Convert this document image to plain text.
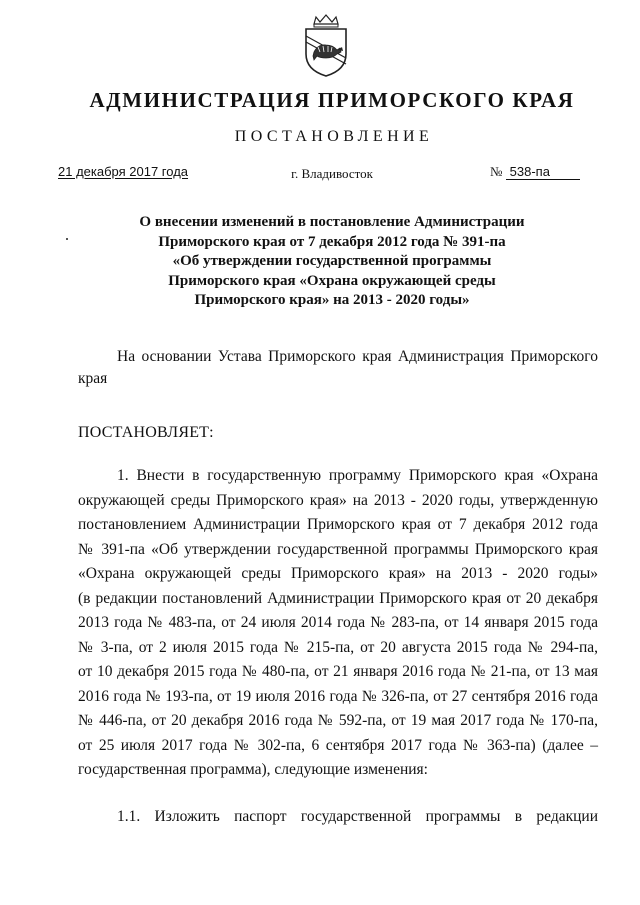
АДМИНИСТРАЦИЯ ПРИМОРСКОГО КРАЯ
ПОСТАНОВЛЕНИЕ
21 декабря 2017 года	г. Владивосток	№ 538-па
О внесении изменений в постановление Администрации
Приморского края от 7 декабря 2012 года № 391-па
«Об утверждении государственной программы
Приморского края «Охрана окружающей среды
Приморского края» на 2013 - 2020 годы»
На основании Устава Приморского края Администрация Приморского
края
ПОСТАНОВЛЯЕТ:
1. Внести в государственную программу Приморского края «Охрана
окружающей среды Приморского края» на 2013 - 2020 годы, утвержденную
постановлением Администрации Приморского края от 7 декабря 2012 года
№ 391-па «Об утверждении государственной программы Приморского края
«Охрана окружающей среды Приморского края» на 2013 - 2020 годы»
(в редакции постановлений Администрации Приморского края от 20 декабря
2013 года № 483-па, от 24 июля 2014 года № 283-па, от 14 января 2015 года
№ 3-па, от 2 июля 2015 года № 215-па, от 20 августа 2015 года № 294-па,
от 10 декабря 2015 года № 480-па, от 21 января 2016 года № 21-па, от 13 мая
2016 года № 193-па, от 19 июля 2016 года № 326-па, от 27 сентября 2016 года
№ 446-па, от 20 декабря 2016 года № 592-па, от 19 мая 2017 года № 170-па,
от 25 июля 2017 года № 302-па, 6 сентября 2017 года № 363-па) (далее –
государственная программа), следующие изменения:
1.1. Изложить паспорт государственной программы в редакции
